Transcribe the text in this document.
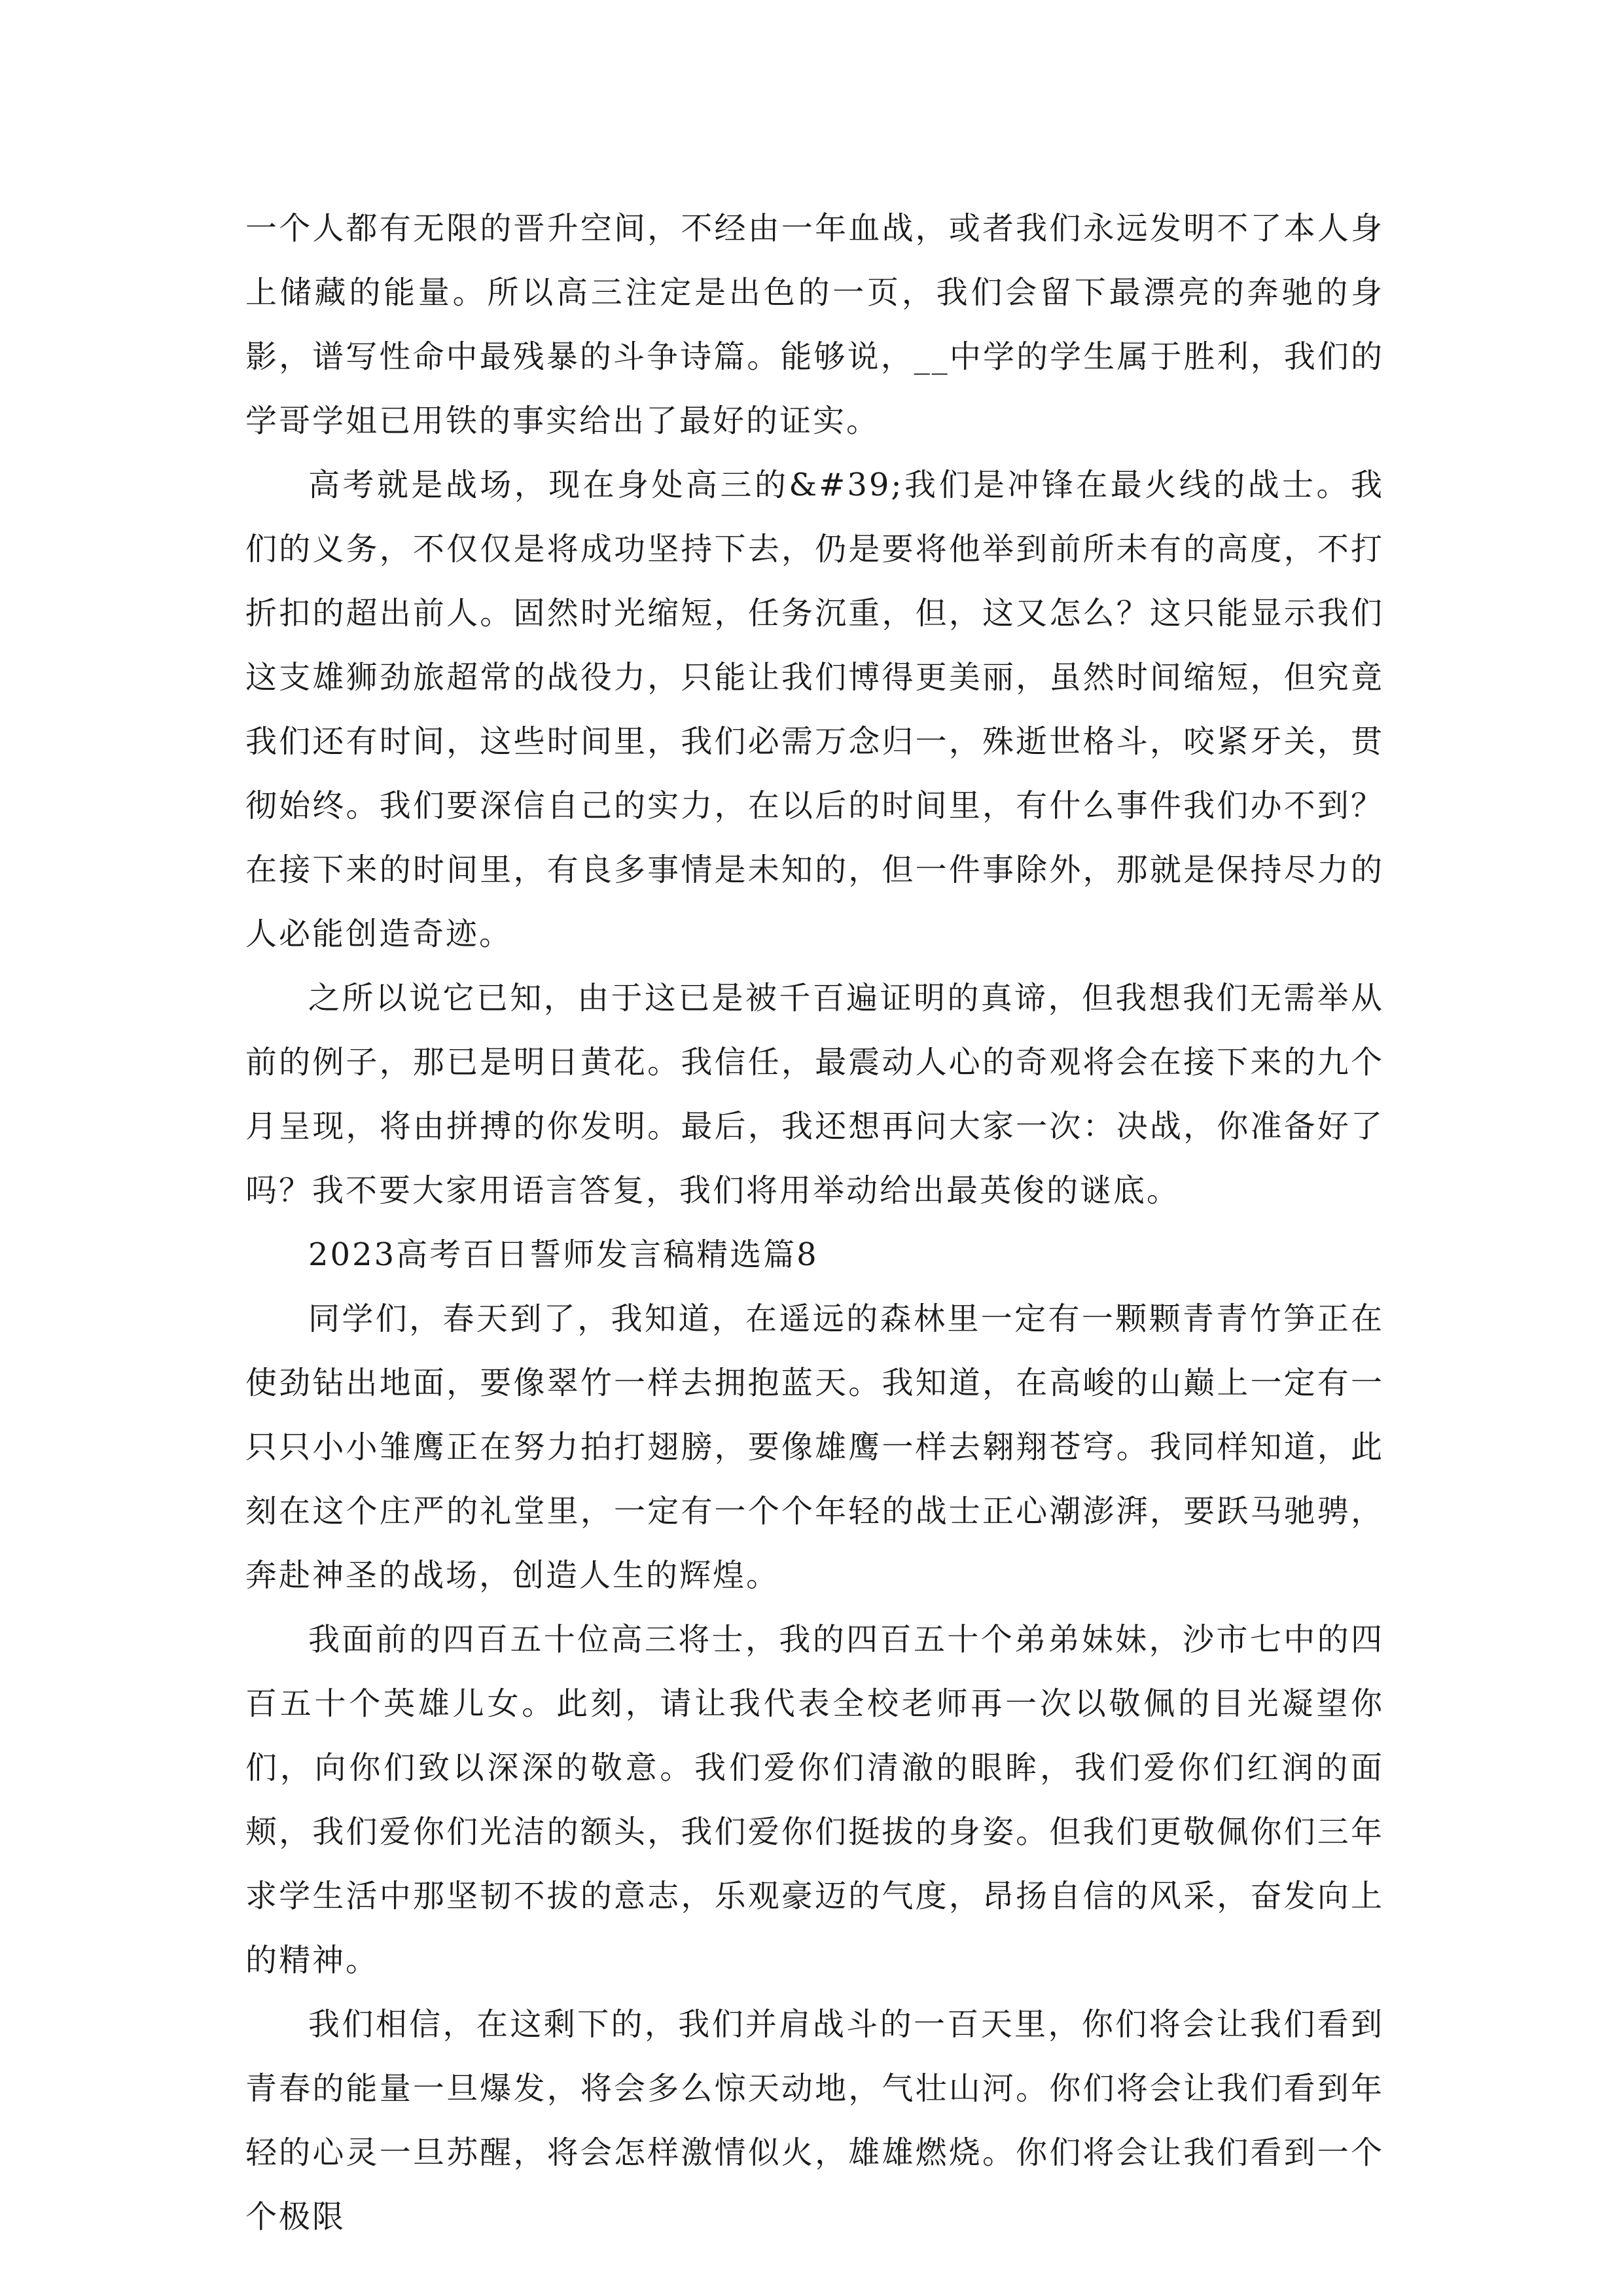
一个人都有无限的晋升空间，不经由一年血战，或者我们永远发明不了本人身上储藏的能量。所以高三注定是出色的一页，我们会留下最漂亮的奔驰的身影，谱写性命中最残暴的斗争诗篇。能够说，__中学的学生属于胜利，我们的学哥学姐已用铁的事实给出了最好的证实。

高考就是战场，现在身处高三的&#39;我们是冲锋在最火线的战士。我们的义务，不仅仅是将成功坚持下去，仍是要将他举到前所未有的高度，不打折扣的超出前人。固然时光缩短，任务沉重，但，这又怎么？这只能显示我们这支雄狮劲旅超常的战役力，只能让我们博得更美丽，虽然时间缩短，但究竟我们还有时间，这些时间里，我们必需万念归一，殊逝世格斗，咬紧牙关，贯彻始终。我们要深信自己的实力，在以后的时间里，有什么事件我们办不到？在接下来的时间里，有良多事情是未知的，但一件事除外，那就是保持尽力的人必能创造奇迹。

之所以说它已知，由于这已是被千百遍证明的真谛，但我想我们无需举从前的例子，那已是明日黄花。我信任，最震动人心的奇观将会在接下来的九个月呈现，将由拼搏的你发明。最后，我还想再问大家一次：决战，你准备好了吗？我不要大家用语言答复，我们将用举动给出最英俊的谜底。

2023高考百日誓师发言稿精选篇8

同学们，春天到了，我知道，在遥远的森林里一定有一颗颗青青竹笋正在使劲钻出地面，要像翠竹一样去拥抱蓝天。我知道，在高峻的山巅上一定有一只只小小雏鹰正在努力拍打翅膀，要像雄鹰一样去翱翔苍穹。我同样知道，此刻在这个庄严的礼堂里，一定有一个个年轻的战士正心潮澎湃，要跃马驰骋，奔赴神圣的战场，创造人生的辉煌。

我面前的四百五十位高三将士，我的四百五十个弟弟妹妹，沙市七中的四百五十个英雄儿女。此刻，请让我代表全校老师再一次以敬佩的目光凝望你们，向你们致以深深的敬意。我们爱你们清澈的眼眸，我们爱你们红润的面颊，我们爱你们光洁的额头，我们爱你们挺拔的身姿。但我们更敬佩你们三年求学生活中那坚韧不拔的意志，乐观豪迈的气度，昂扬自信的风采，奋发向上的精神。

我们相信，在这剩下的，我们并肩战斗的一百天里，你们将会让我们看到青春的能量一旦爆发，将会多么惊天动地，气壮山河。你们将会让我们看到年轻的心灵一旦苏醒，将会怎样激情似火，雄雄燃烧。你们将会让我们看到一个个极限
